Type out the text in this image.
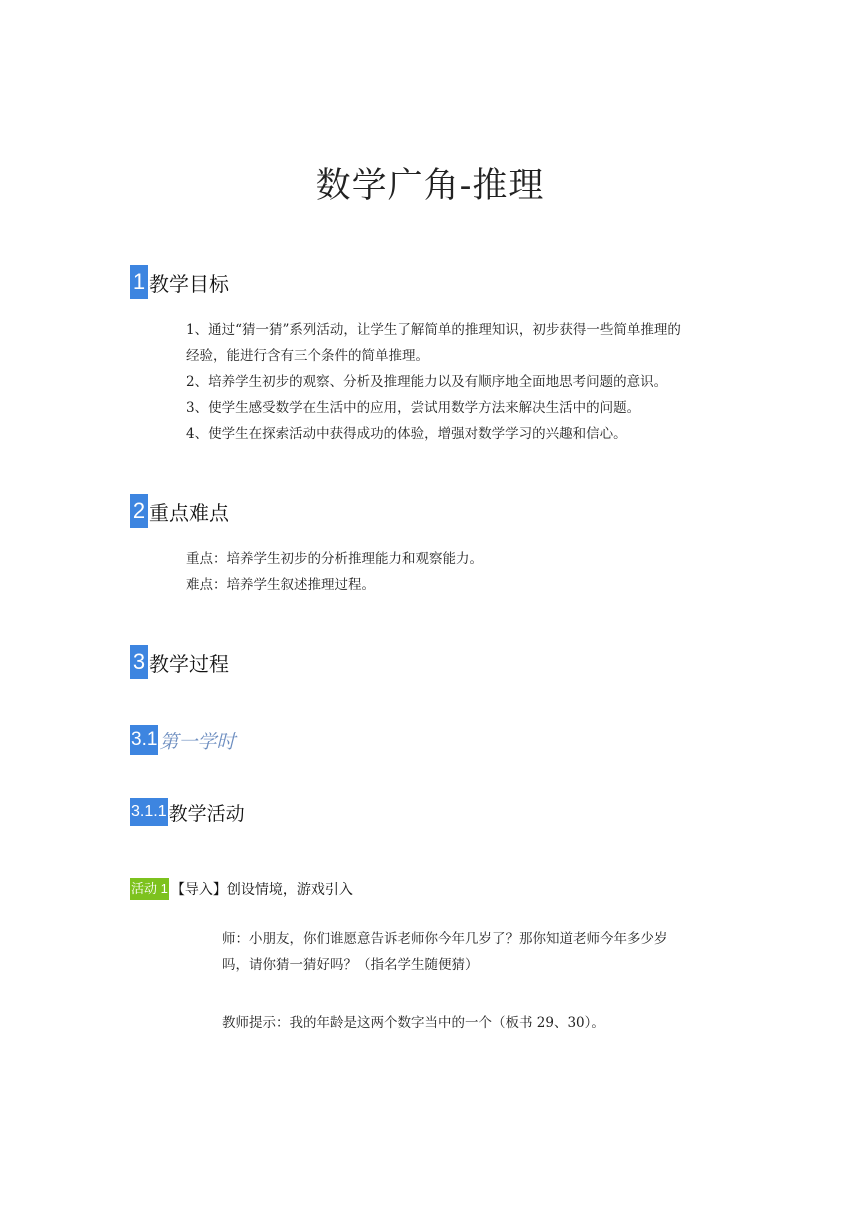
数学广角-推理
1 教学目标
1、通过“猜一猜”系列活动，让学生了解简单的推理知识，初步获得一些简单推理的
经验，能进行含有三个条件的简单推理。
2、培养学生初步的观察、分析及推理能力以及有顺序地全面地思考问题的意识。
3、使学生感受数学在生活中的应用，尝试用数学方法来解决生活中的问题。
4、使学生在探索活动中获得成功的体验，增强对数学学习的兴趣和信心。
2 重点难点
重点：培养学生初步的分析推理能力和观察能力。
难点：培养学生叙述推理过程。
3 教学过程
3.1 第一学时
3.1.1 教学活动
活动 1 【导入】创设情境，游戏引入
师：小朋友，你们谁愿意告诉老师你今年几岁了？那你知道老师今年多少岁
吗，请你猜一猜好吗？（指名学生随便猜）
教师提示：我的年龄是这两个数字当中的一个（板书 29、30）。
